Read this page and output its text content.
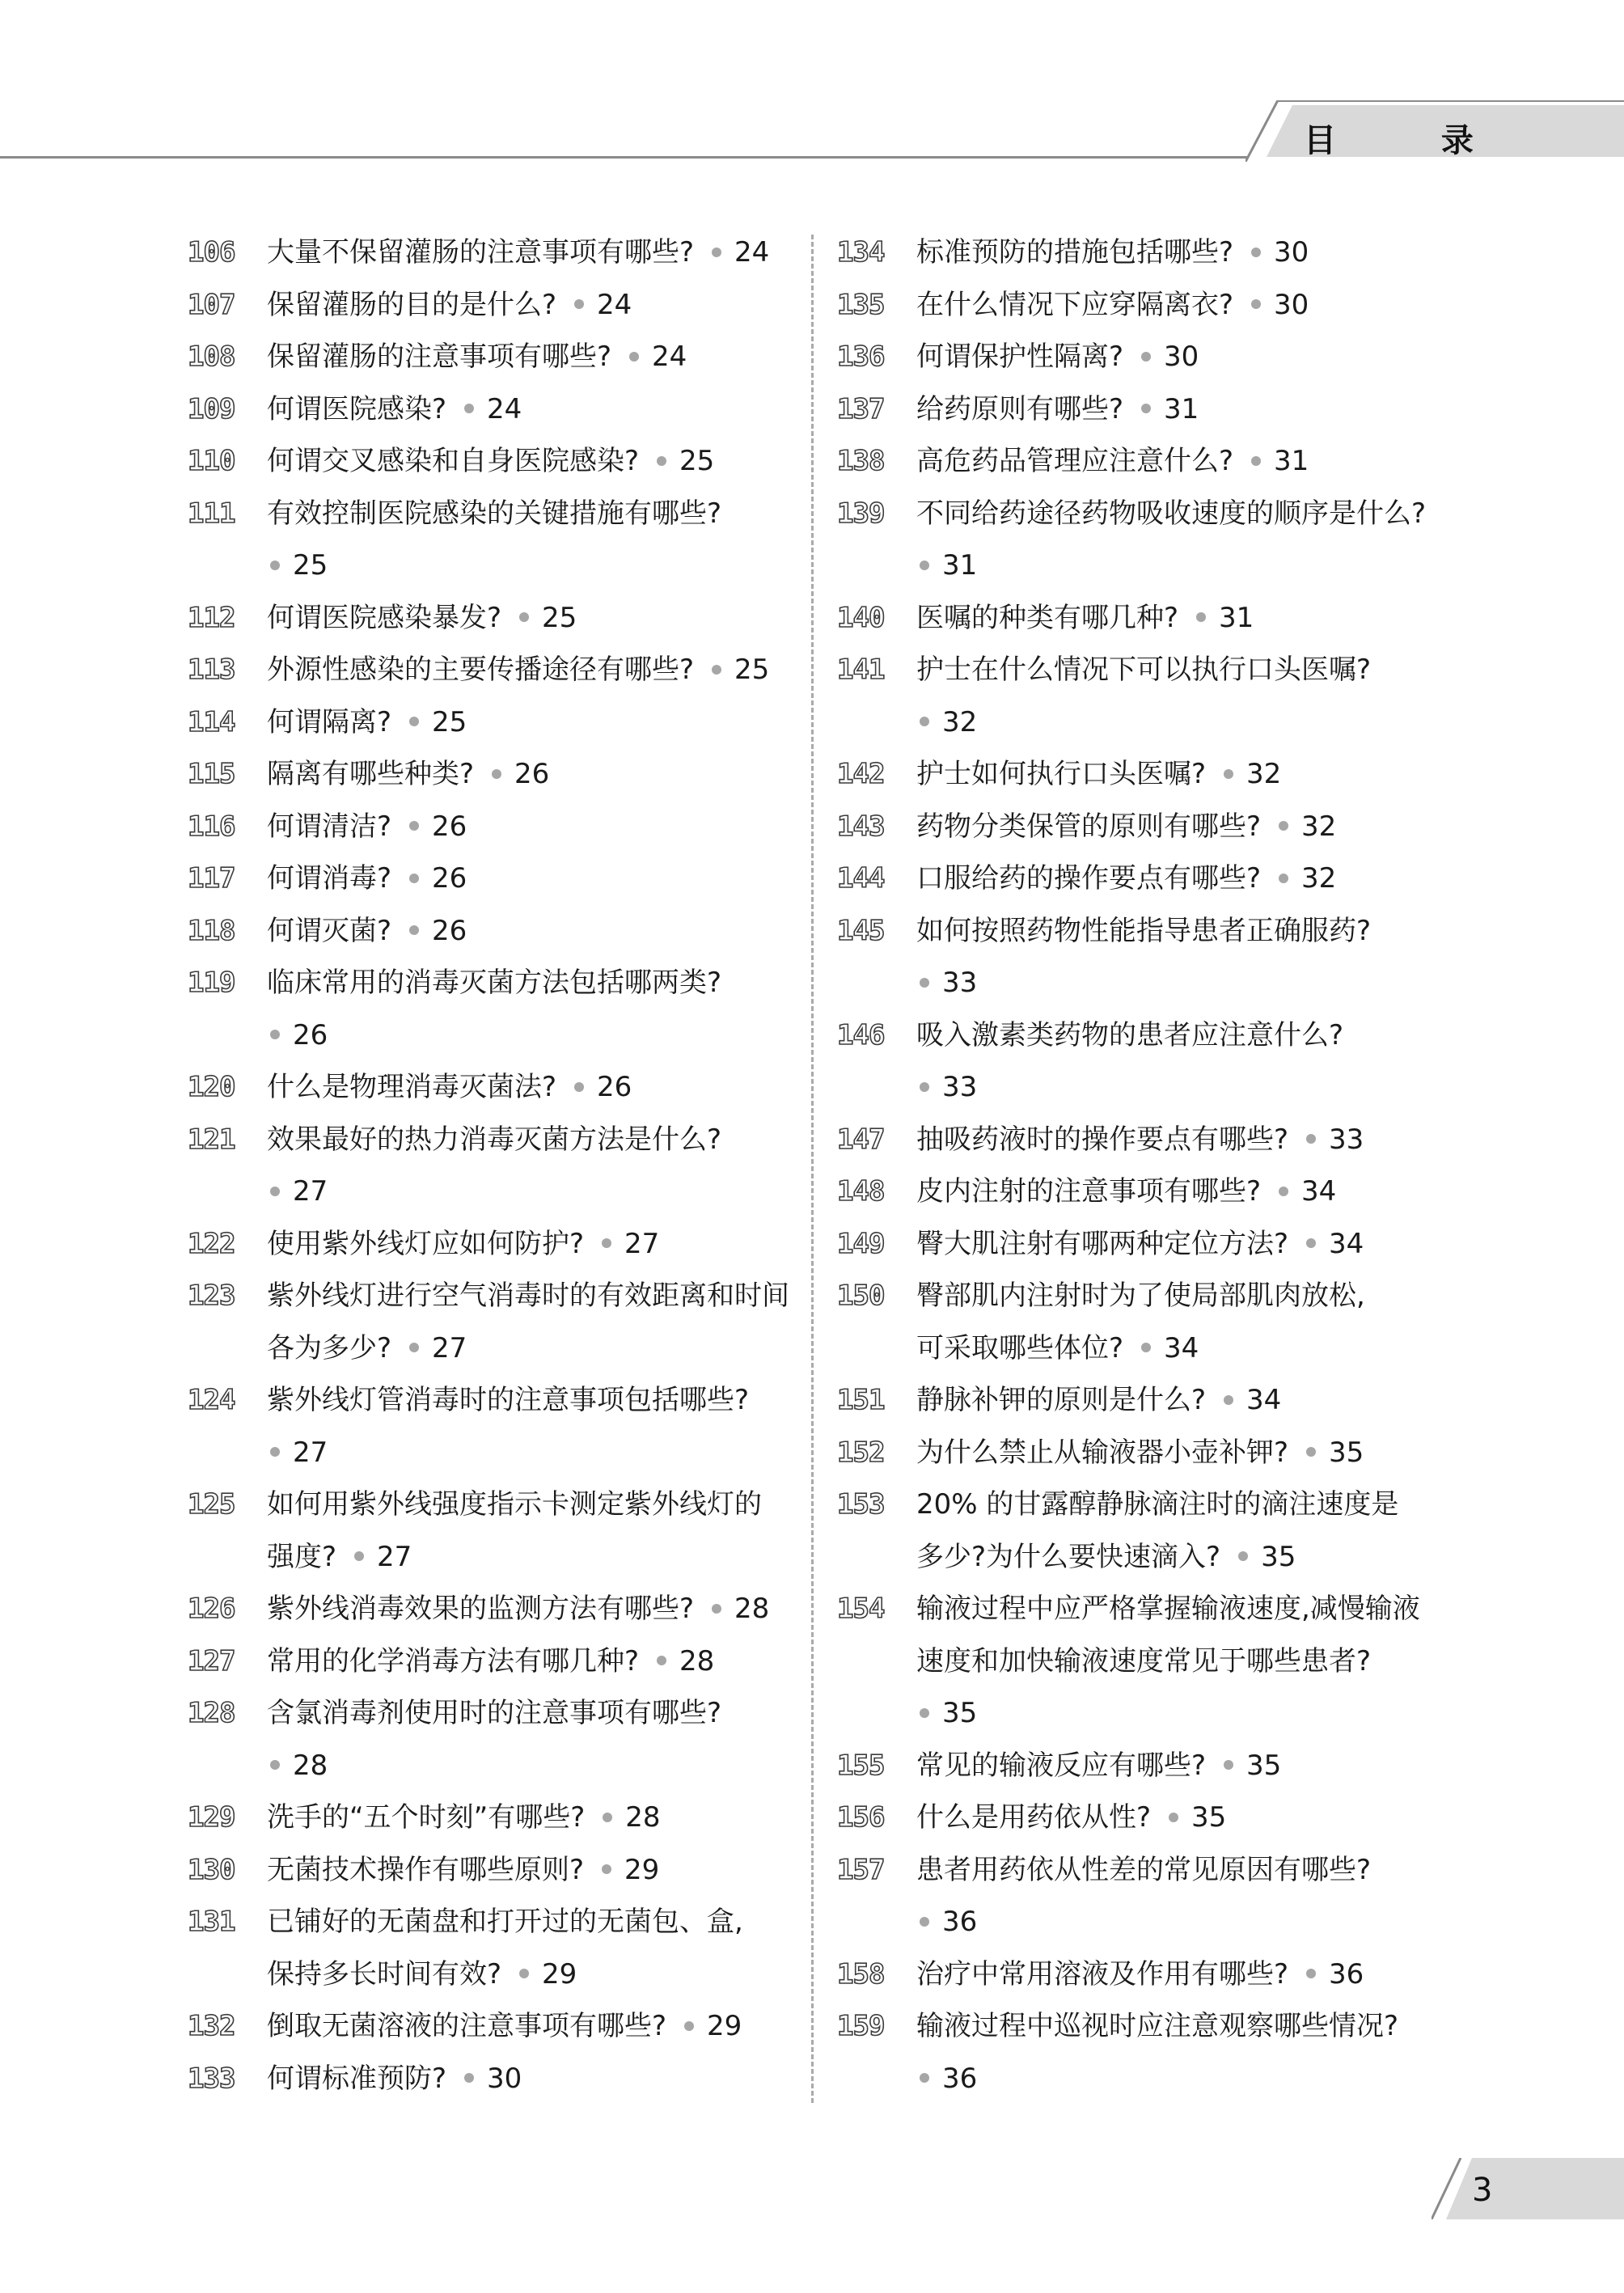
目 录
106 大量不保留灌肠的注意事项有哪些? 24
107 保留灌肠的目的是什么? 24
108 保留灌肠的注意事项有哪些? 24
109 何谓医院感染? 24
110 何谓交叉感染和自身医院感染? 25
111 有效控制医院感染的关键措施有哪些?
25
112 何谓医院感染暴发? 25
113 外源性感染的主要传播途径有哪些? 25
114 何谓隔离? 25
115 隔离有哪些种类? 26
116 何谓清洁? 26
117 何谓消毒? 26
118 何谓灭菌? 26
119 临床常用的消毒灭菌方法包括哪两类?
26
120 什么是物理消毒灭菌法? 26
121 效果最好的热力消毒灭菌方法是什么?
27
122 使用紫外线灯应如何防护? 27
123 紫外线灯进行空气消毒时的有效距离和时间
各为多少? 27
124 紫外线灯管消毒时的注意事项包括哪些?
27
125 如何用紫外线强度指示卡测定紫外线灯的
强度? 27
126 紫外线消毒效果的监测方法有哪些? 28
127 常用的化学消毒方法有哪几种? 28
128 含氯消毒剂使用时的注意事项有哪些?
28
129 洗手的“五个时刻”有哪些? 28
130 无菌技术操作有哪些原则? 29
131 已铺好的无菌盘和打开过的无菌包、盒,
保持多长时间有效? 29
132 倒取无菌溶液的注意事项有哪些? 29
133 何谓标准预防? 30
134 标准预防的措施包括哪些? 30
135 在什么情况下应穿隔离衣? 30
136 何谓保护性隔离? 30
137 给药原则有哪些? 31
138 高危药品管理应注意什么? 31
139 不同给药途径药物吸收速度的顺序是什么?
31
140 医嘱的种类有哪几种? 31
141 护士在什么情况下可以执行口头医嘱?
32
142 护士如何执行口头医嘱? 32
143 药物分类保管的原则有哪些? 32
144 口服给药的操作要点有哪些? 32
145 如何按照药物性能指导患者正确服药?
33
146 吸入激素类药物的患者应注意什么?
33
147 抽吸药液时的操作要点有哪些? 33
148 皮内注射的注意事项有哪些? 34
149 臀大肌注射有哪两种定位方法? 34
150 臀部肌内注射时为了使局部肌肉放松,
可采取哪些体位? 34
151 静脉补钾的原则是什么? 34
152 为什么禁止从输液器小壶补钾? 35
153 20% 的甘露醇静脉滴注时的滴注速度是
多少?为什么要快速滴入? 35
154 输液过程中应严格掌握输液速度,减慢输液
速度和加快输液速度常见于哪些患者?
35
155 常见的输液反应有哪些? 35
156 什么是用药依从性? 35
157 患者用药依从性差的常见原因有哪些?
36
158 治疗中常用溶液及作用有哪些? 36
159 输液过程中巡视时应注意观察哪些情况?
36
3
